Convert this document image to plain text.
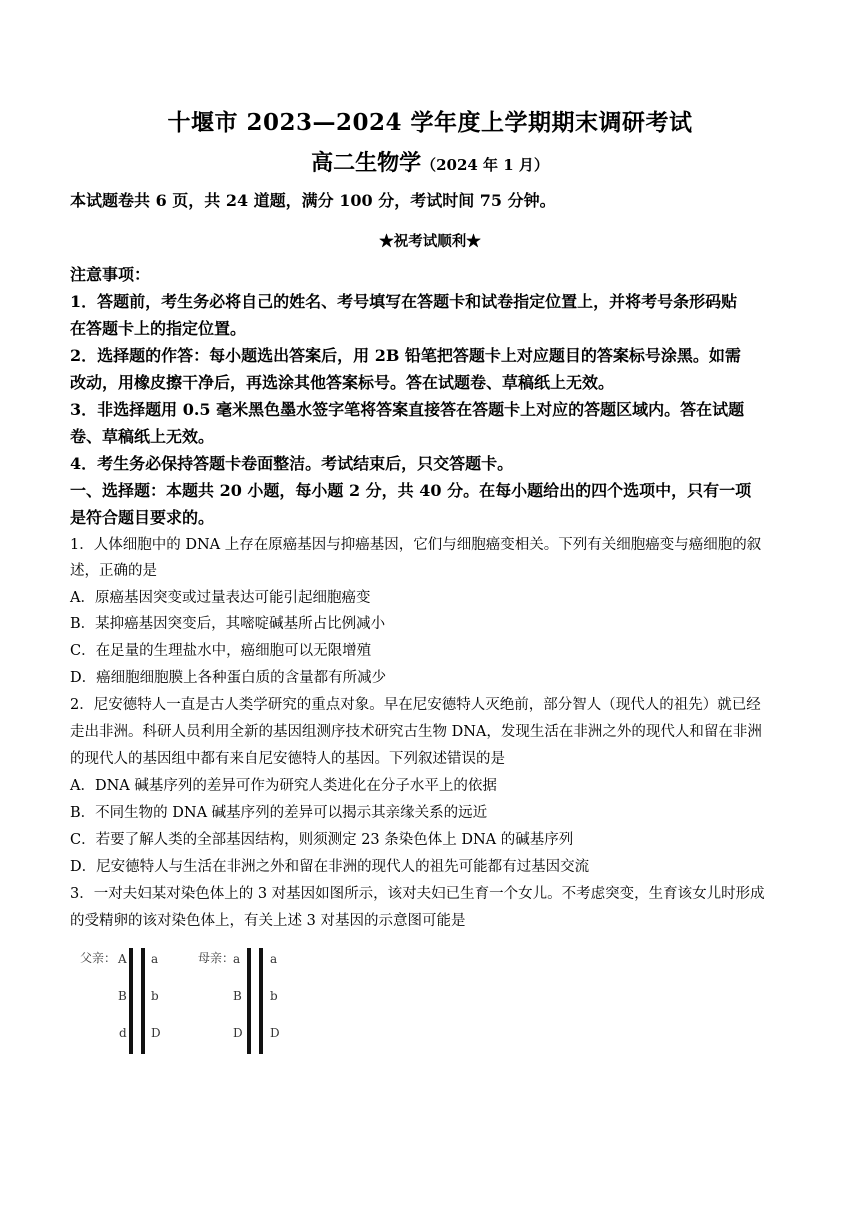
十堰市 2023—2024 学年度上学期期末调研考试
高二生物学（2024 年 1 月）
本试题卷共 6 页，共 24 道题，满分 100 分，考试时间 75 分钟。
★祝考试顺利★
注意事项：
1．答题前，考生务必将自己的姓名、考号填写在答题卡和试卷指定位置上，并将考号条形码贴
在答题卡上的指定位置。
2．选择题的作答：每小题选出答案后，用 2B 铅笔把答题卡上对应题目的答案标号涂黑。如需
改动，用橡皮擦干净后，再选涂其他答案标号。答在试题卷、草稿纸上无效。
3．非选择题用 0.5 毫米黑色墨水签字笔将答案直接答在答题卡上对应的答题区域内。答在试题
卷、草稿纸上无效。
4．考生务必保持答题卡卷面整洁。考试结束后，只交答题卡。
一、选择题：本题共 20 小题，每小题 2 分，共 40 分。在每小题给出的四个选项中，只有一项
是符合题目要求的。
1．人体细胞中的 DNA 上存在原癌基因与抑癌基因，它们与细胞癌变相关。下列有关细胞癌变与癌细胞的叙
述，正确的是
A．原癌基因突变或过量表达可能引起细胞癌变
B．某抑癌基因突变后，其嘧啶碱基所占比例减小
C．在足量的生理盐水中，癌细胞可以无限增殖
D．癌细胞细胞膜上各种蛋白质的含量都有所减少
2．尼安德特人一直是古人类学研究的重点对象。早在尼安德特人灭绝前，部分智人（现代人的祖先）就已经
走出非洲。科研人员利用全新的基因组测序技术研究古生物 DNA，发现生活在非洲之外的现代人和留在非洲
的现代人的基因组中都有来自尼安德特人的基因。下列叙述错误的是
A．DNA 碱基序列的差异可作为研究人类进化在分子水平上的依据
B．不同生物的 DNA 碱基序列的差异可以揭示其亲缘关系的远近
C．若要了解人类的全部基因结构，则须测定 23 条染色体上 DNA 的碱基序列
D．尼安德特人与生活在非洲之外和留在非洲的现代人的祖先可能都有过基因交流
3．一对夫妇某对染色体上的 3 对基因如图所示，该对夫妇已生育一个女儿。不考虑突变，生育该女儿时形成
的受精卵的该对染色体上，有关上述 3 对基因的示意图可能是
父亲： A
B
d
a
b
D
母亲：
a
B
D
a
b
D
